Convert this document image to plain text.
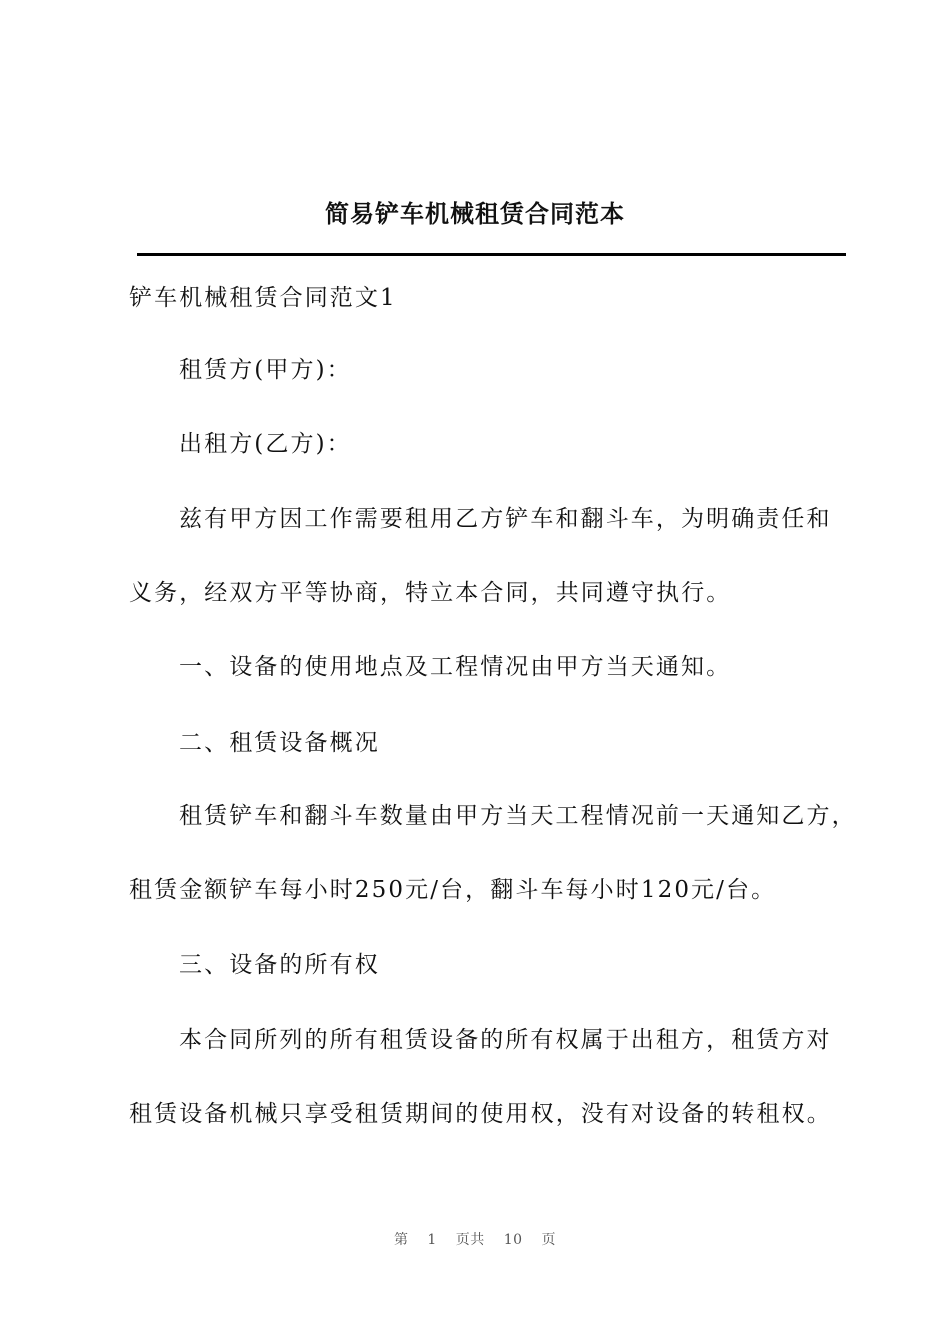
简易铲车机械租赁合同范本
铲车机械租赁合同范文1
租赁方(甲方)：
出租方(乙方)：
兹有甲方因工作需要租用乙方铲车和翻斗车，为明确责任和
义务，经双方平等协商，特立本合同，共同遵守执行。
一、设备的使用地点及工程情况由甲方当天通知。
二、租赁设备概况
租赁铲车和翻斗车数量由甲方当天工程情况前一天通知乙方，
租赁金额铲车每小时250元/台，翻斗车每小时120元/台。
三、设备的所有权
本合同所列的所有租赁设备的所有权属于出租方，租赁方对
租赁设备机械只享受租赁期间的使用权，没有对设备的转租权。
第 1 页共 10 页
